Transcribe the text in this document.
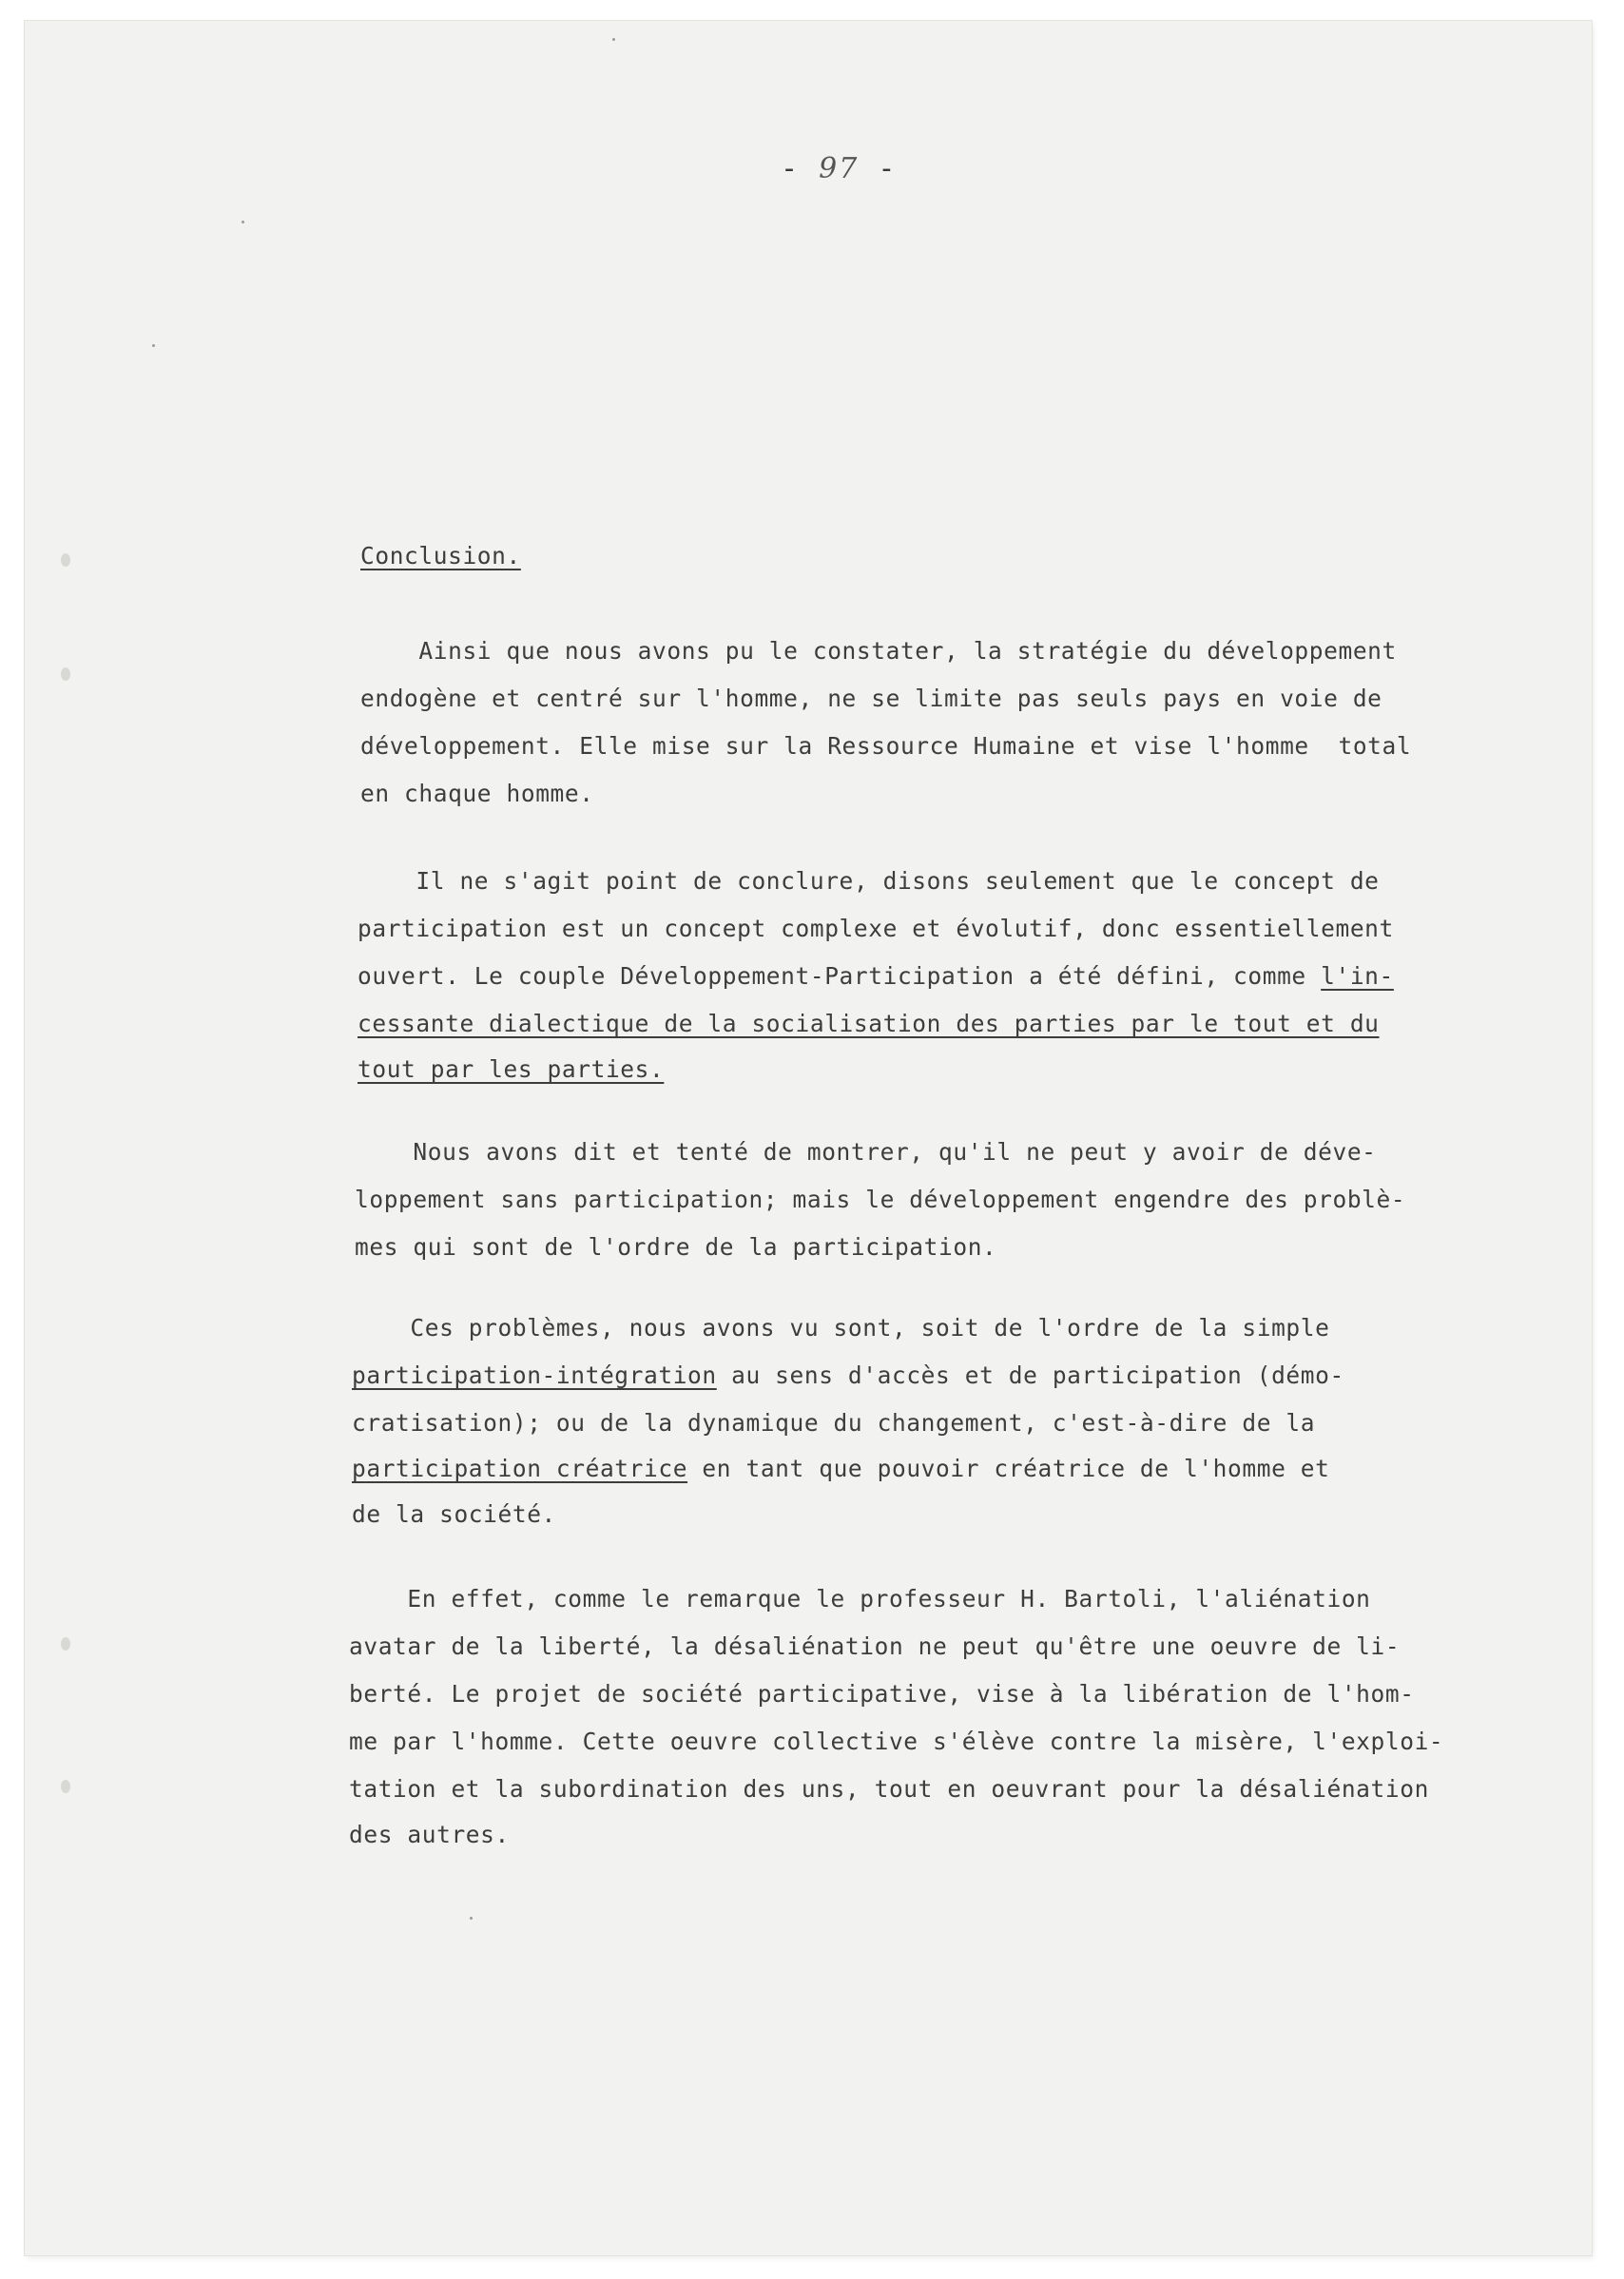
- 97 -
Conclusion.
Ainsi que nous avons pu le constater, la stratégie du développement
endogène et centré sur l'homme, ne se limite pas seuls pays en voie de
développement. Elle mise sur la Ressource Humaine et vise l'homme  total
en chaque homme.
Il ne s'agit point de conclure, disons seulement que le concept de
participation est un concept complexe et évolutif, donc essentiellement
ouvert. Le couple Développement-Participation a été défini, comme l'in-
cessante dialectique de la socialisation des parties par le tout et du
tout par les parties.
Nous avons dit et tenté de montrer, qu'il ne peut y avoir de déve-
loppement sans participation; mais le développement engendre des problè-
mes qui sont de l'ordre de la participation.
Ces problèmes, nous avons vu sont, soit de l'ordre de la simple
participation-intégration au sens d'accès et de participation (démo-
cratisation); ou de la dynamique du changement, c'est-à-dire de la
participation créatrice en tant que pouvoir créatrice de l'homme et
de la société.
En effet, comme le remarque le professeur H. Bartoli, l'aliénation
avatar de la liberté, la désaliénation ne peut qu'être une oeuvre de li-
berté. Le projet de société participative, vise à la libération de l'hom-
me par l'homme. Cette oeuvre collective s'élève contre la misère, l'exploi-
tation et la subordination des uns, tout en oeuvrant pour la désaliénation
des autres.
